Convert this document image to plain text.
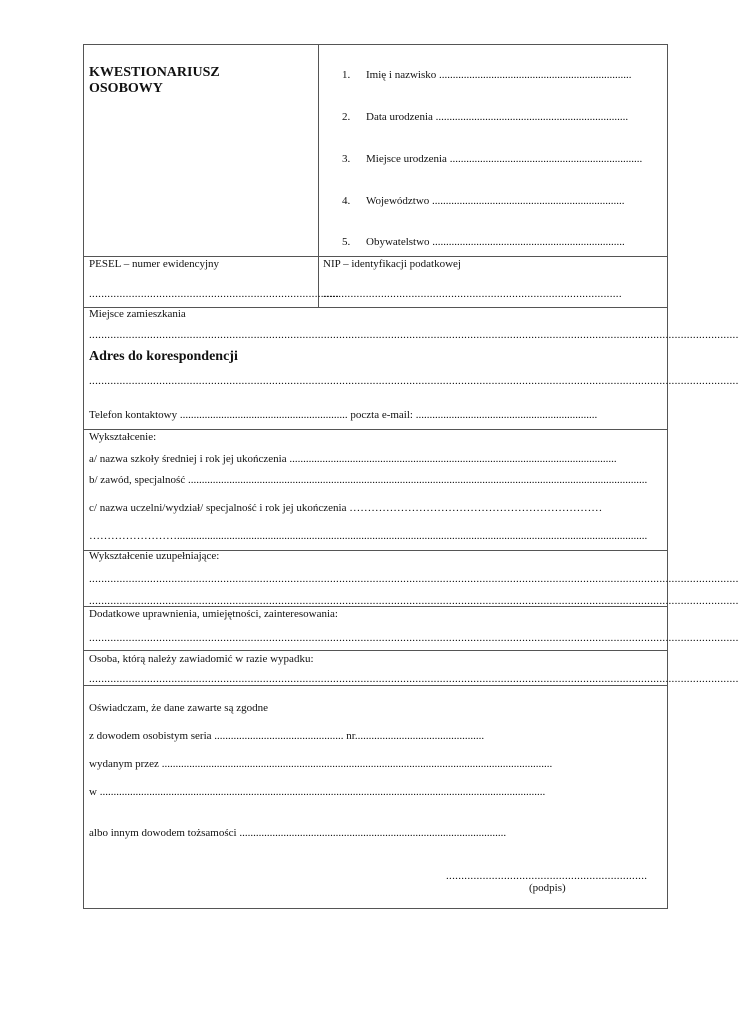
KWESTIONARIUSZ
OSOBOWY
1. Imię i nazwisko ......................................................................
2. Data urodzenia ......................................................................
3. Miejsce urodzenia ......................................................................
4. Województwo ......................................................................
5. Obywatelstwo ......................................................................
PESEL – numer ewidencyjny
..................................................................................
NIP – identyfikacji podatkowej
..................................................................................................
Miejsce zamieszkania
.....................................................................................................................................................................................................................
Adres do korespondencji
.....................................................................................................................................................................................................................
Telefon kontaktowy ............................................................. poczta e-mail: ..................................................................
Wykształcenie:
a/ nazwa szkoły średniej i rok jej ukończenia .......................................................................................................................
b/ zawód, specjalność .......................................................................................................................................................................
c/ nazwa uczelni/wydział/ specjalność i rok jej ukończenia ……………………………………………………………
……………………...........................................................................................................................................................................
Wykształcenie uzupełniające:
.....................................................................................................................................................................................................................
.....................................................................................................................................................................................................................
Dodatkowe uprawnienia, umiejętności, zainteresowania:
.....................................................................................................................................................................................................................
Osoba, którą należy zawiadomić w razie wypadku:
.....................................................................................................................................................................................................................
Oświadczam, że dane zawarte są zgodne
z dowodem osobistym seria ............................................... nr...............................................
wydanym przez ..............................................................................................................................................
w ..................................................................................................................................................................
albo innym dowodem tożsamości .................................................................................................
..................................................................
(podpis)
